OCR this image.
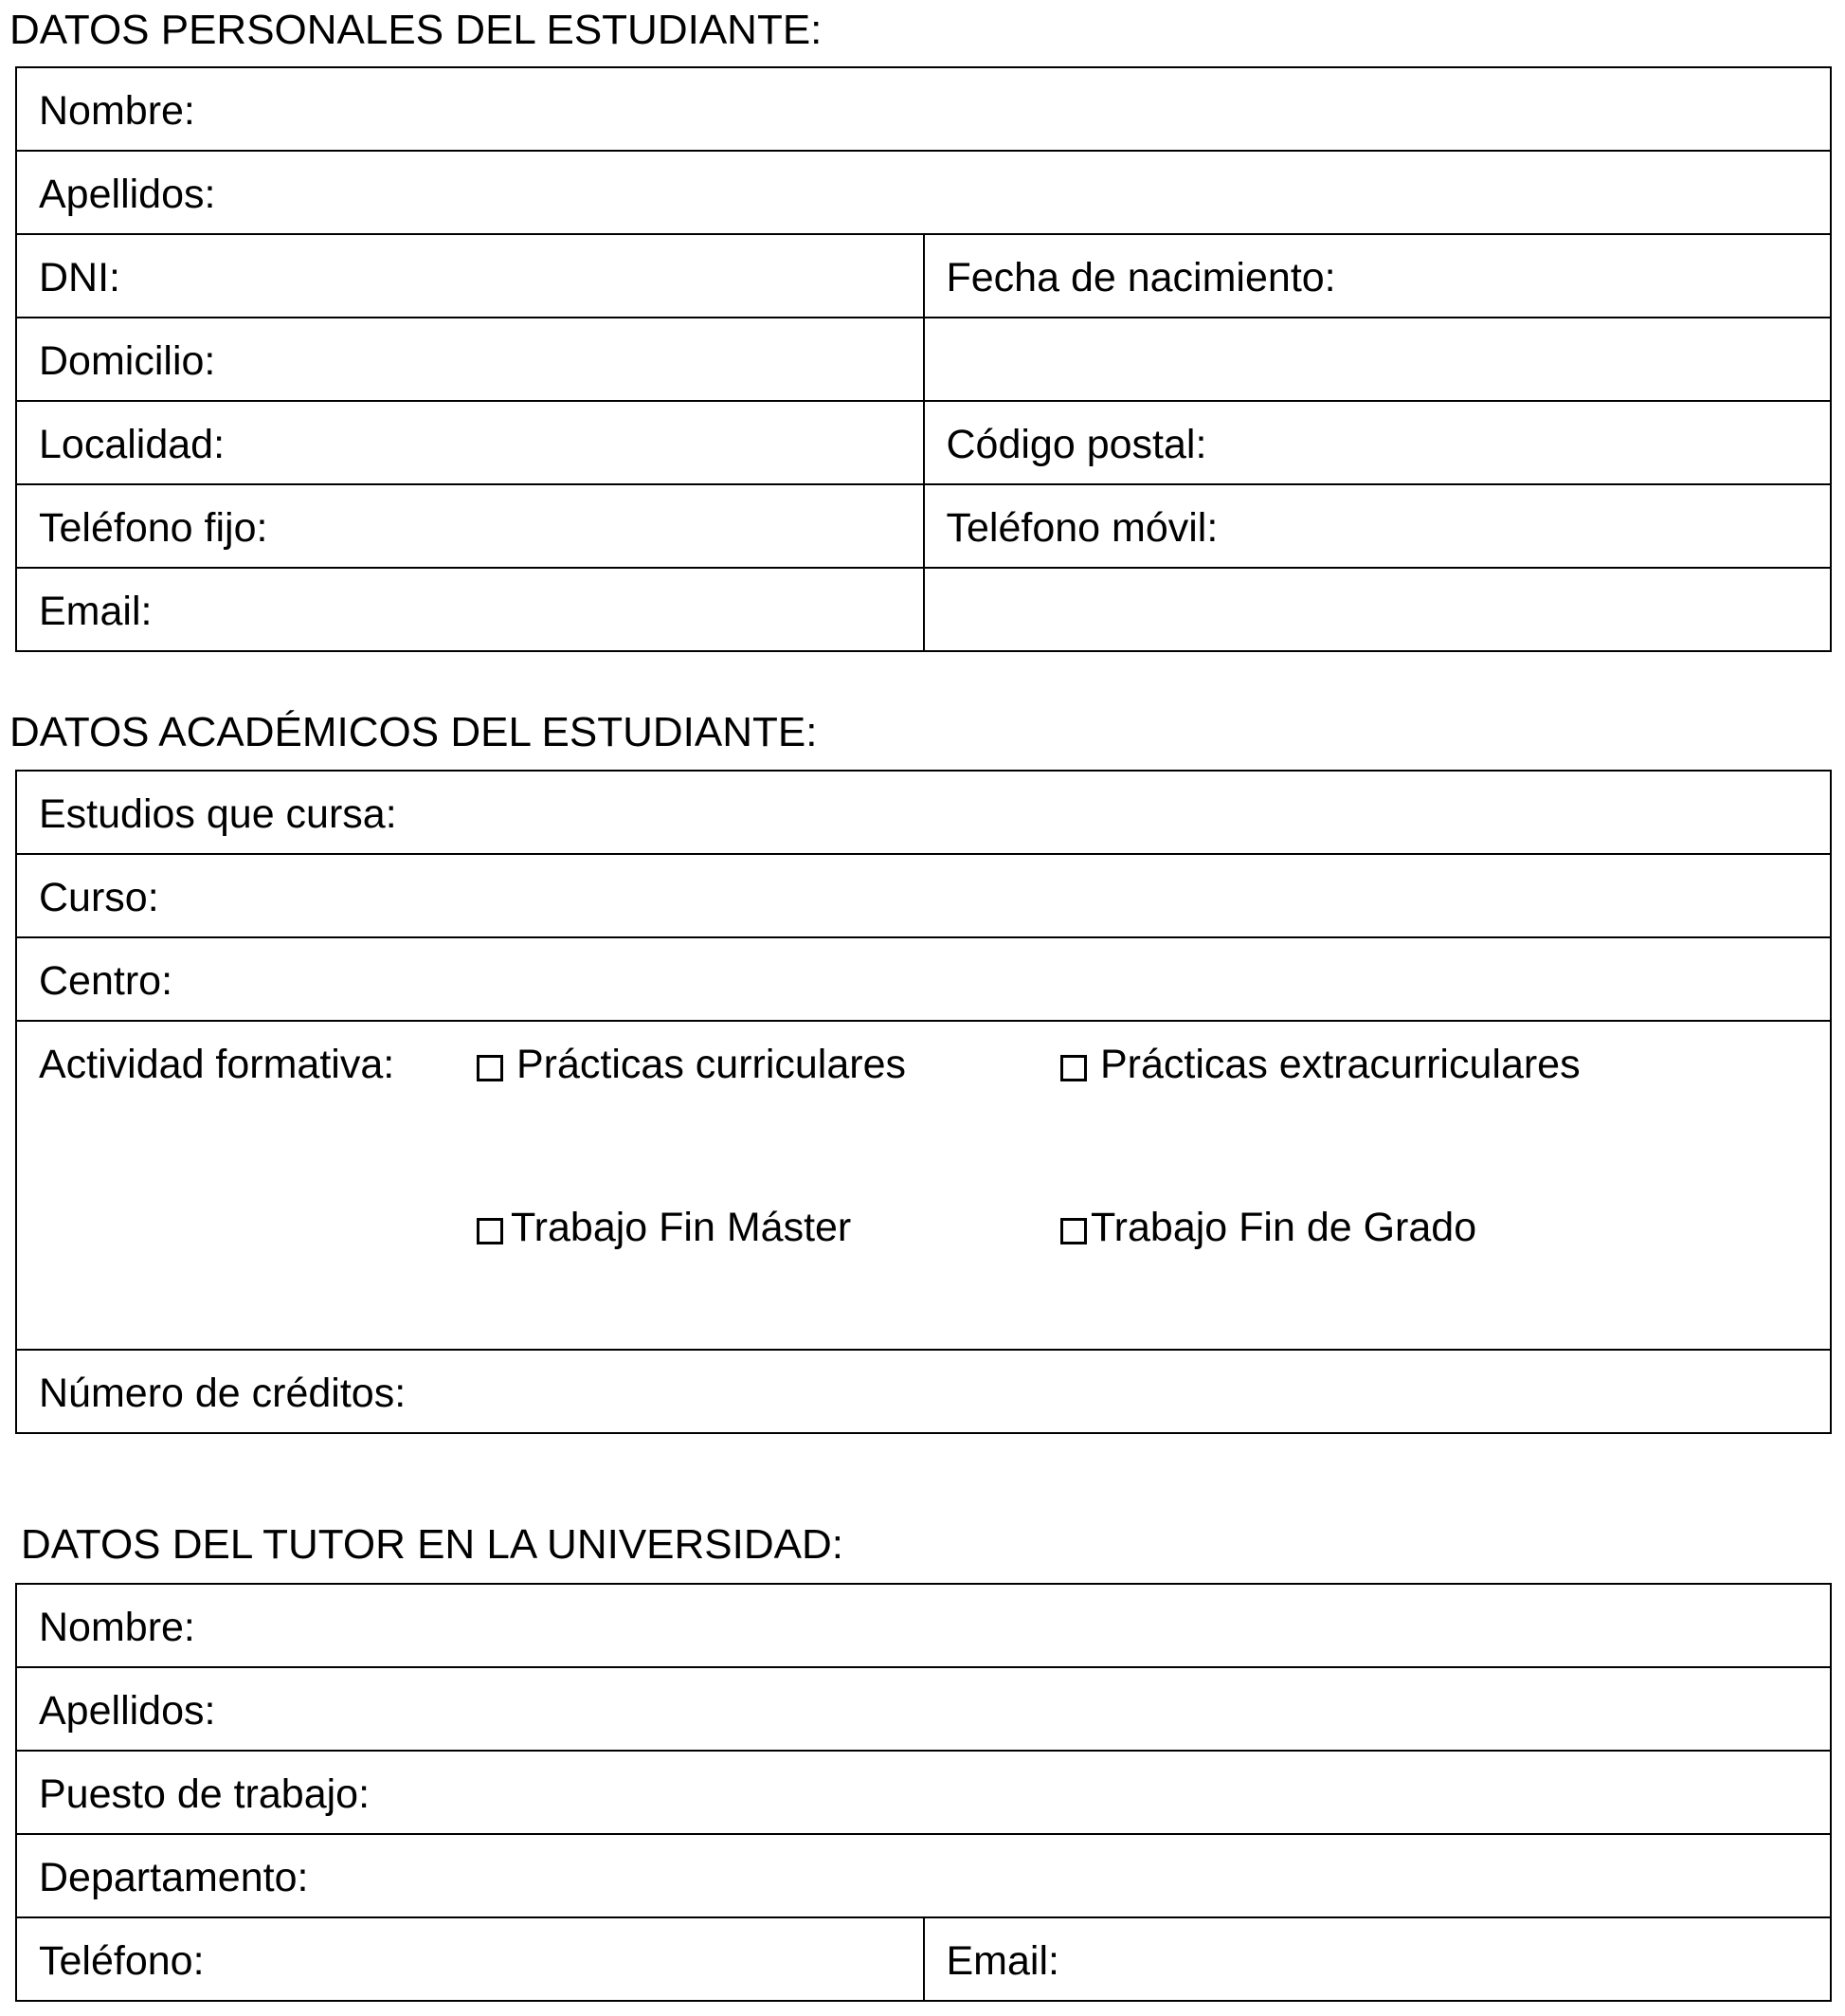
DATOS PERSONALES DEL ESTUDIANTE:
Nombre:	
Apellidos:	
DNI:	Fecha de nacimiento:
Domicilio:	
Localidad:	Código postal:
Teléfono fijo:	Teléfono móvil:
Email:	
DATOS ACADÉMICOS DEL ESTUDIANTE:
Estudios que cursa:
Curso:
Centro:

Actividad formativa:	Prácticas curriculares	Prácticas extracurriculares
Trabajo Fin Máster	Trabajo Fin de Grado

Número de créditos:
DATOS DEL TUTOR EN LA UNIVERSIDAD:
Nombre:
Apellidos:
Puesto de trabajo:
Departamento:
Teléfono:	Email:
